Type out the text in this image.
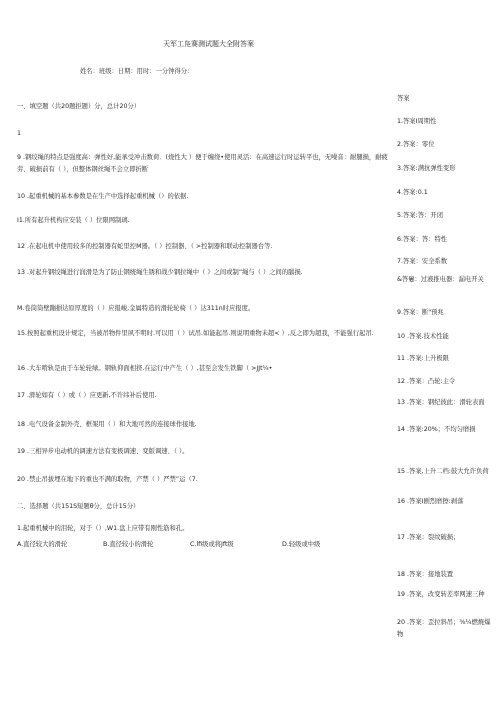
天军工凫赛测试题大全附答案
姓名：班级：日期：用时：一分钟得分：
一、填空题（共20题拒题）分，总计20分）
1
9 .钢绞绳的特点是强度高：弹性好,能承受冲击数荷．(烧性大 ）便于缠绕•使用灵活：在高速运行时运转平也，无噪音：耐腿损，耐疲劳、破损前有（ ），但整体钢丝绳不会立即折断
10 .起重机械的基本参数是在生产中选择起重机械（）的依据.
I1.所有起升机构应安装（ ）位限网制璃.
12 .在起电机中使用较多的控制器有蛇里控M器。（ ）控制器、（ >控制器和联动控制器台等.
13 .对起升钢绞绳进行润滑是为了防止钢统绳生锈和战少钢拉绳中（ 》之间或制”绳与（ ）之间的腦损.
M.卷筒筒壁蹦損达原厚度的（ ）应报峻,金属特造的滑轮轮椅（ ）达311n时应报度。
15.按照起重机设计规定，当被吊物件里夙不明时.可以用（ ）试吊.如能起吊.则说明重物未超< ）,反之即为超我，不能强行起吊.
16 .大车啃轨是由于车轮轮绿。钢轨仰面相挤.在运行中产生（ ）,甚至会发生铁脚（ >JJt¼•
17 .滑轮如有（ ）或（ ）应更新,不许纬补后使用.
18 .电气设备金制外壳、框架用（ ）和大地可然的连接球作接地.
19 .三相异步电动机的调速方法有变极调速、变版调速、（ ）。
20 .禁止吊拔埋在地下的重也不满的取物，产禁（ ）严禁”运（7.
二、选择题（共151S短题θ分，总计15分）
1.起重机械中的泪轮，对于（）,W1.盘上应带有刚性筋和孔。
A.直径较大的滑轮	B.直径较小的滑轮	C.lfi级或将Jft级	D.轻级或中级
答案
1.答案I周期性
2.答案：零位
3.答案:满抗弹性变形
4.答案:0.1
5.答案:答：开闭
6.答案：答：特性
7.答案：安全系数
&答窶：过液推电器：漏电开关
9.答案：断"预兆
10 .答案.技术性能
11 .答案:上升极限
12 .答案：凸轮:主令
13 .答案：钢纪彼此：滑轮表面
14 .答案:20%；不均匀磨损
15 .答案,上升二档:鼓大允许负荷
16 .答案I剧烈磨擦:剥落
17 .答案：裂纹破损；
18 .答案：接地装置
19 .答案，改变转差率网速三种
20 .答案：歪拉斜吊；⅜¼燃焼爆物
